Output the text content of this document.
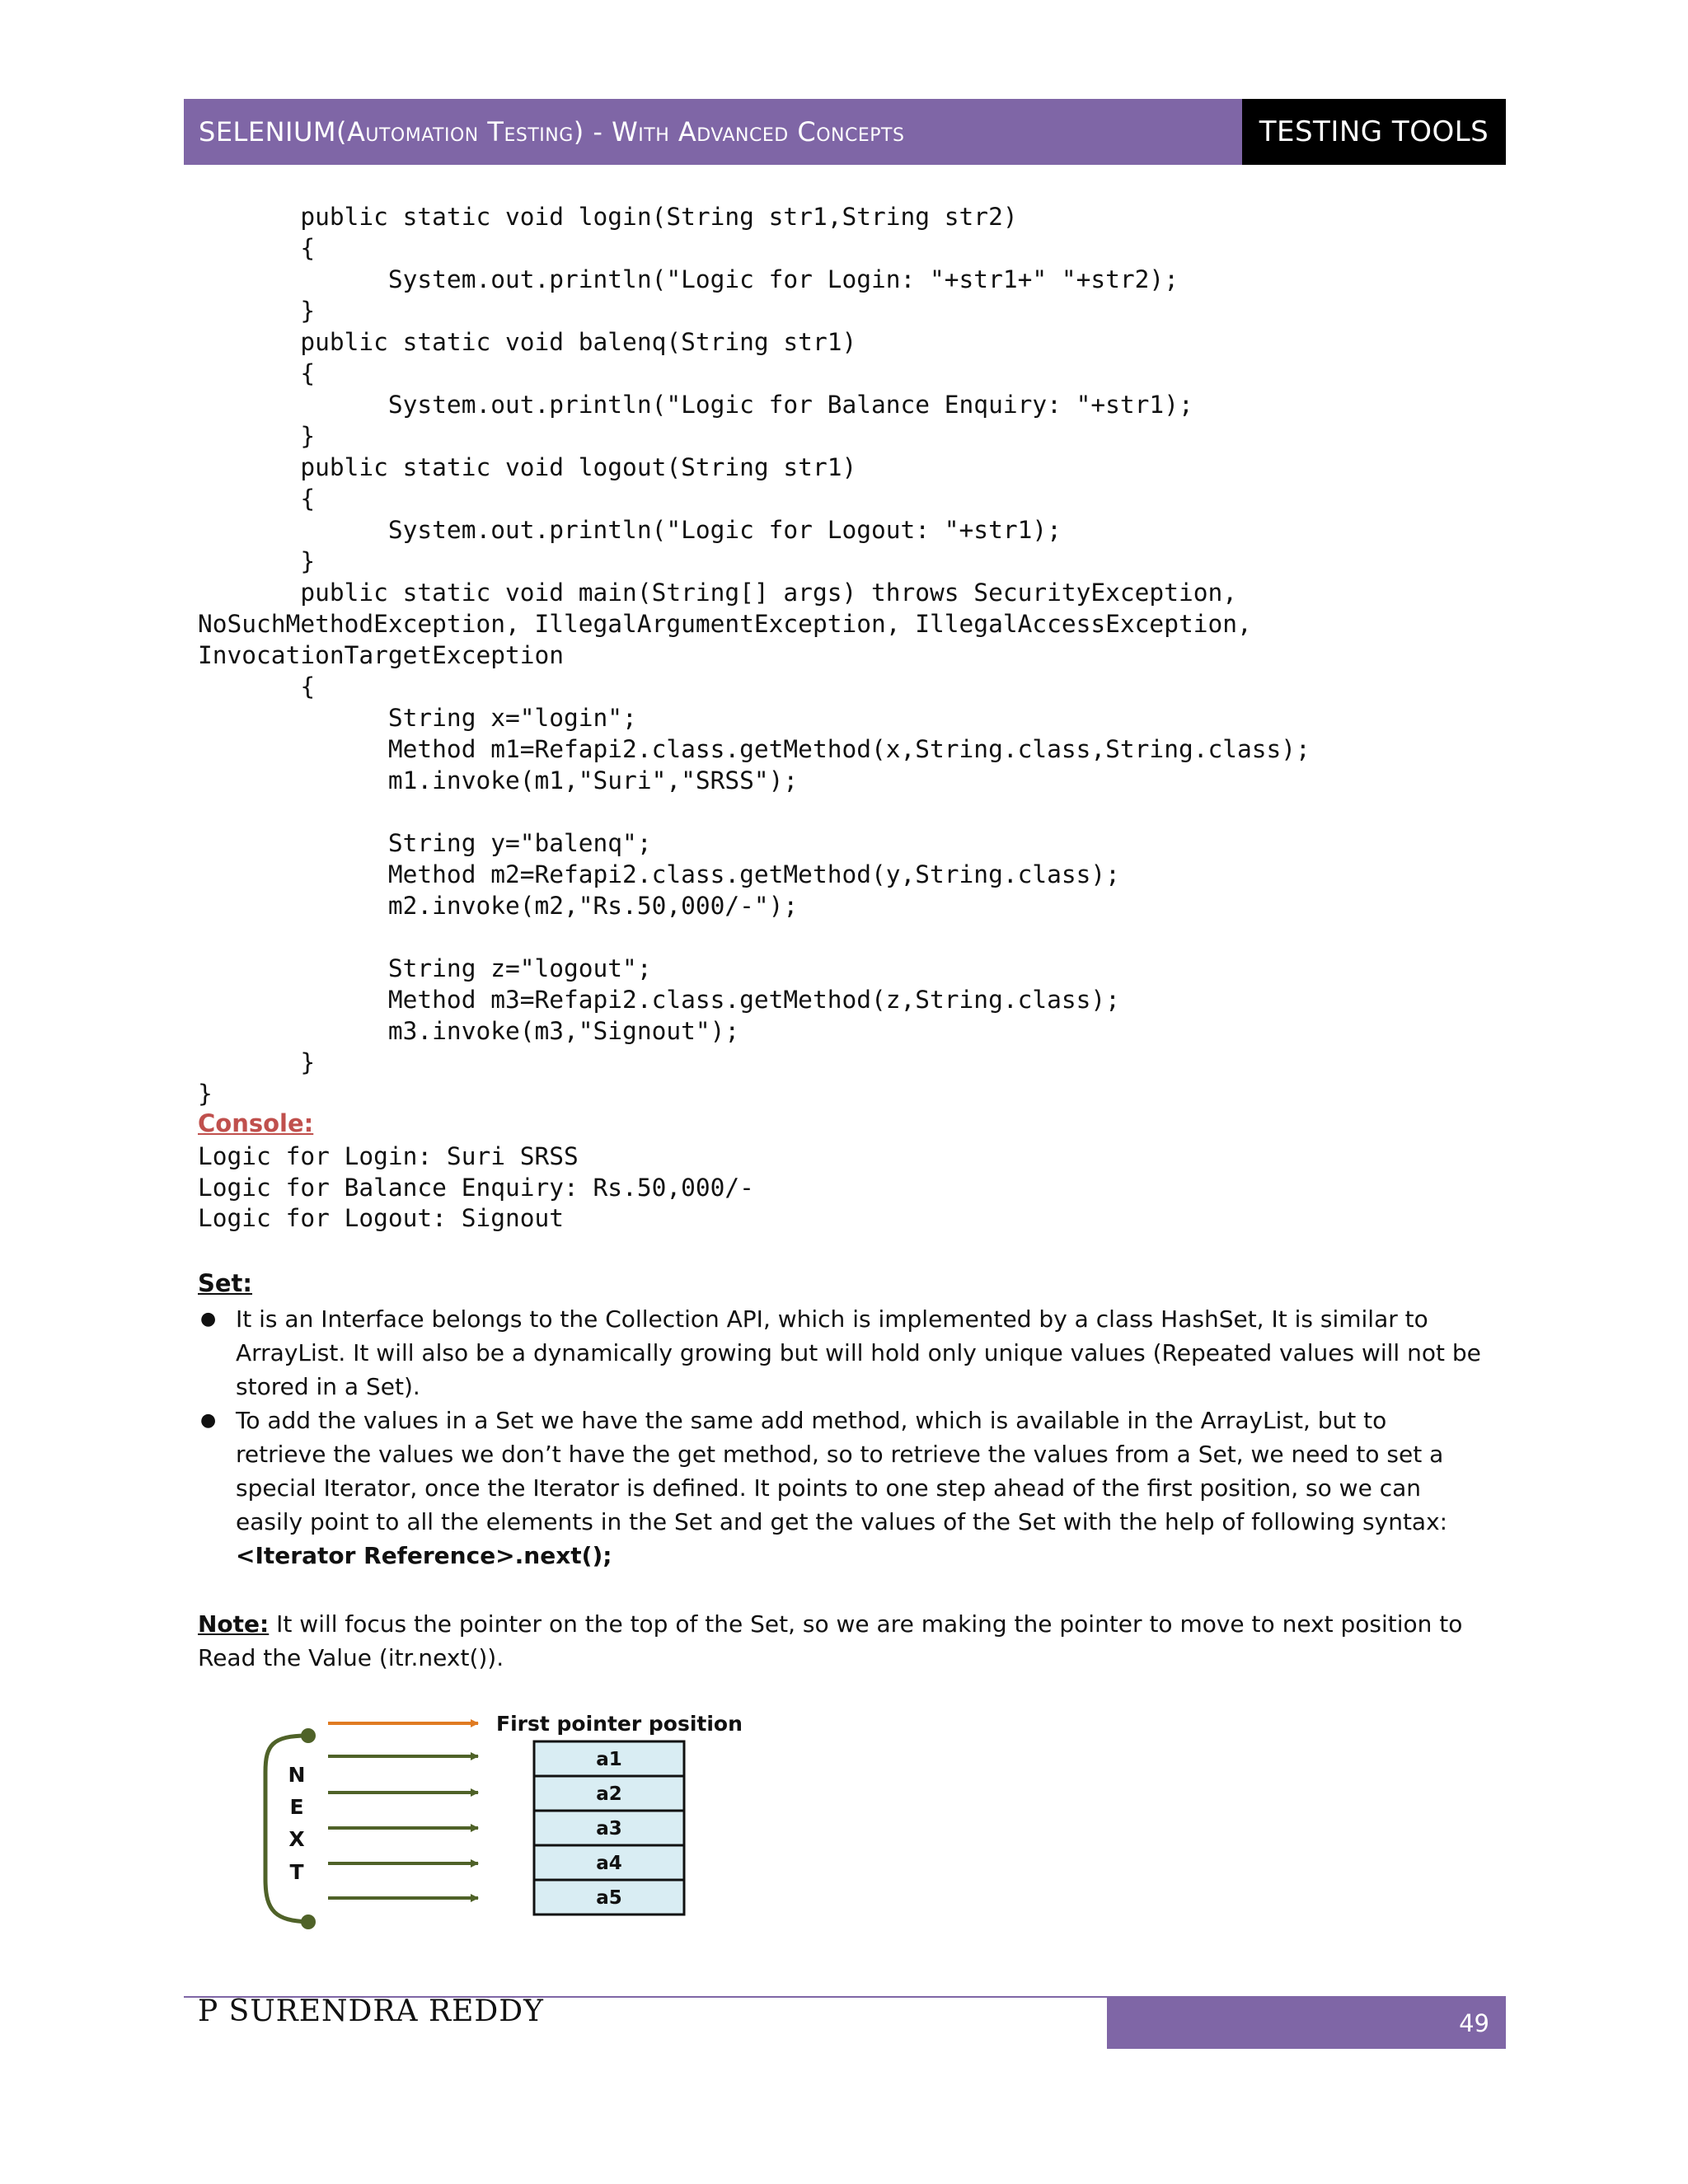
SELENIUM (Automation Testing) - With Advanced Concepts	TESTING TOOLS
public static void login(String str1,String str2)
{
System.out.println("Logic for Login: "+str1+" "+str2);
}
public static void balenq(String str1)
{
System.out.println("Logic for Balance Enquiry: "+str1);
}
public static void logout(String str1)
{
System.out.println("Logic for Logout: "+str1);
}
public static void main(String[] args) throws SecurityException,
NoSuchMethodException, IllegalArgumentException, IllegalAccessException,
InvocationTargetException
{
String x="login";
Method m1=Refapi2.class.getMethod(x,String.class,String.class);
m1.invoke(m1,"Suri","SRSS");

String y="balenq";
Method m2=Refapi2.class.getMethod(y,String.class);
m2.invoke(m2,"Rs.50,000/-");

String z="logout";
Method m3=Refapi2.class.getMethod(z,String.class);
m3.invoke(m3,"Signout");
}
}
Console:
Logic for Login: Suri SRSS
Logic for Balance Enquiry: Rs.50,000/-
Logic for Logout: Signout
Set:
● It is an Interface belongs to the Collection API, which is implemented by a class HashSet, It is similar to ArrayList. It will also be a dynamically growing but will hold only unique values (Repeated values will not be stored in a Set).
● To add the values in a Set we have the same add method, which is available in the ArrayList, but to retrieve the values we don’t have the get method, so to retrieve the values from a Set, we need to set a special Iterator, once the Iterator is defined. It points to one step ahead of the first position, so we can easily point to all the elements in the Set and get the values of the Set with the help of following syntax:
<Iterator Reference>.next();
Note: It will focus the pointer on the top of the Set, so we are making the pointer to move to next position to Read the Value (itr.next()).
First pointer position
N
E
X
T
a1
a2
a3
a4
a5
P SURENDRA REDDY	49
